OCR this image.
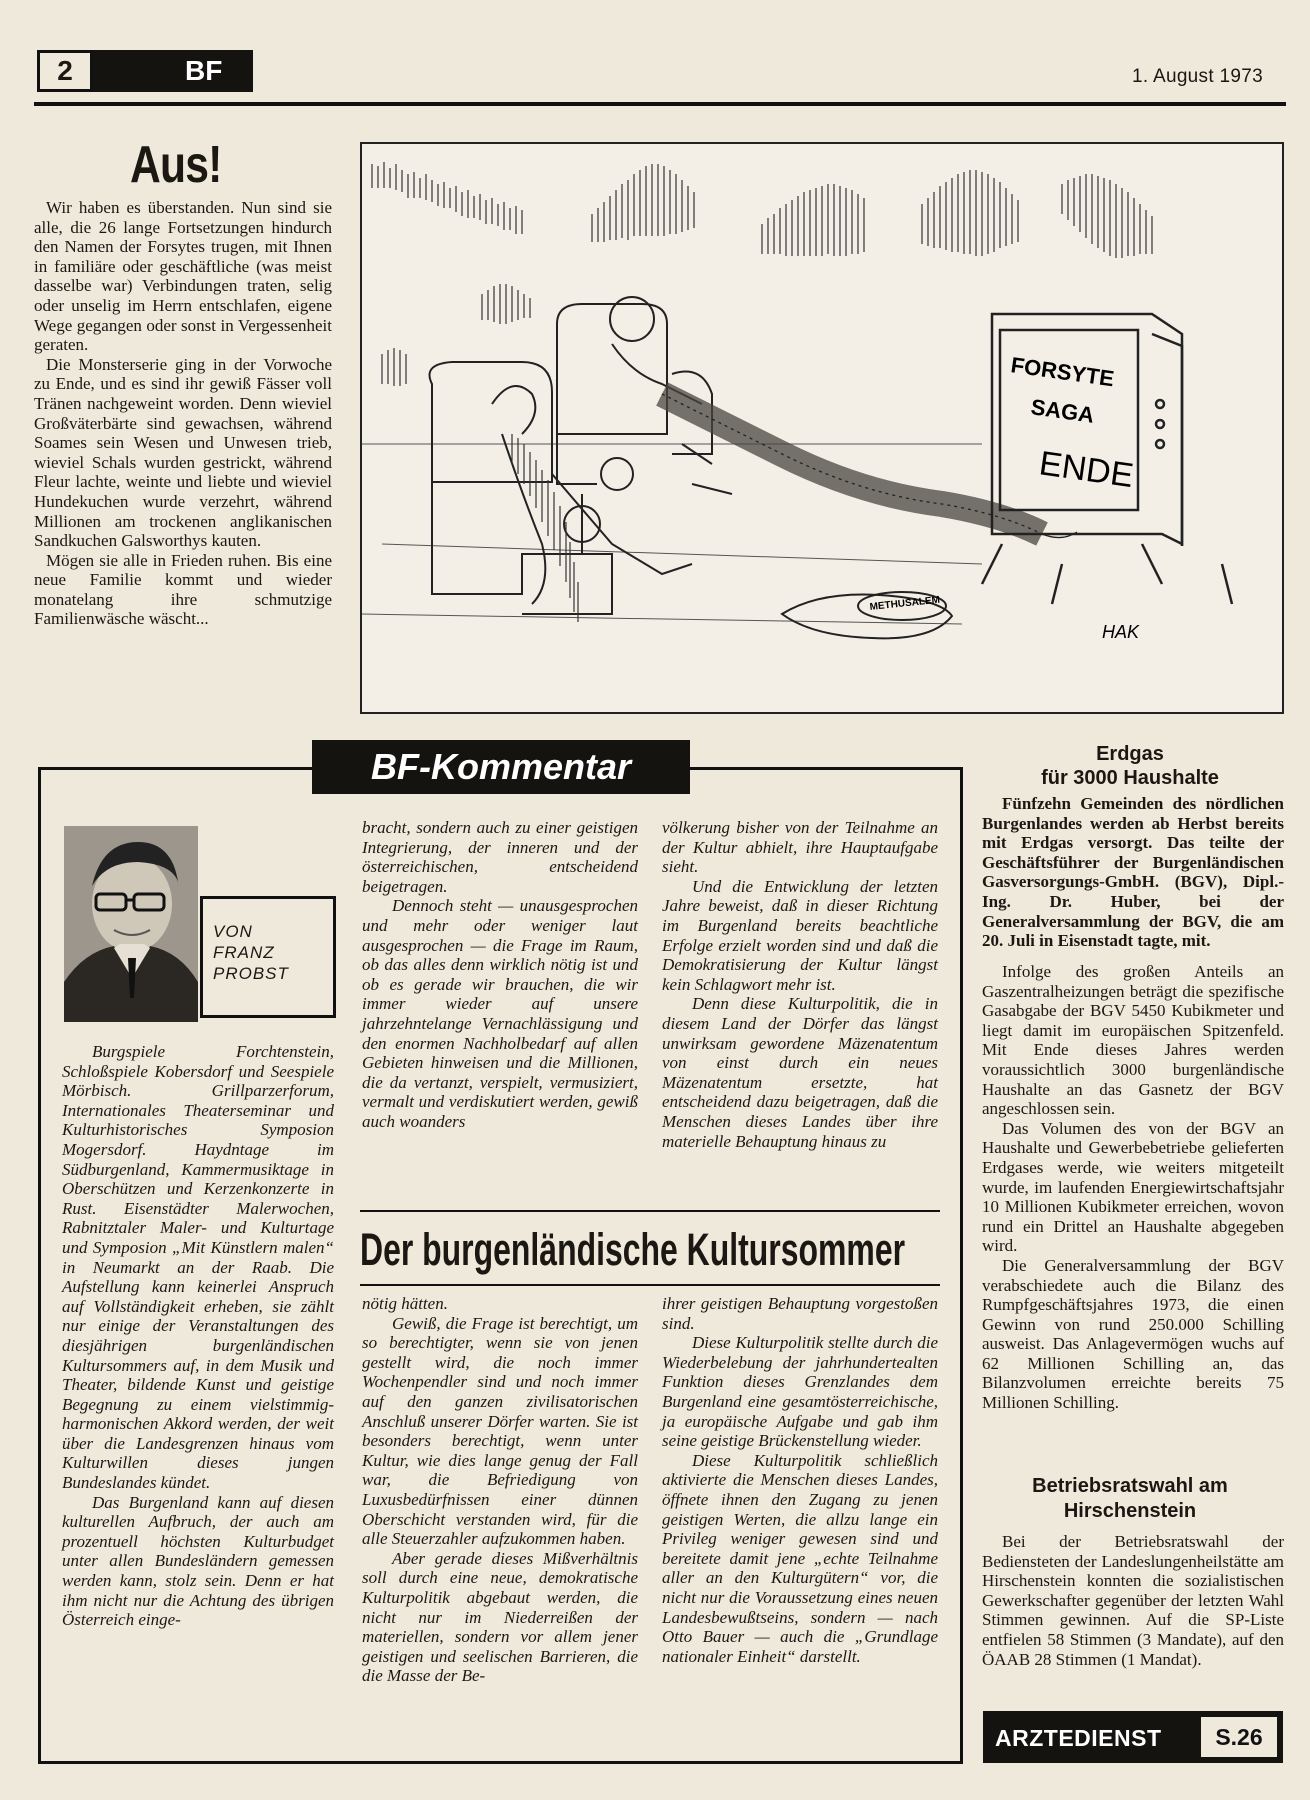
2	BF	1. August 1973
Aus!

Wir haben es überstanden. Nun sind sie alle, die 26 lange Fortsetzungen hindurch den Namen der Forsytes trugen, mit Ihnen in familiäre oder geschäftliche (was meist dasselbe war) Verbindungen traten, selig oder unselig im Herrn entschlafen, eigene Wege gegangen oder sonst in Vergessenheit geraten.

Die Monsterserie ging in der Vorwoche zu Ende, und es sind ihr gewiß Fässer voll Tränen nachgeweint worden. Denn wieviel Großväterbärte sind gewachsen, während Soames sein Wesen und Unwesen trieb, wieviel Schals wurden gestrickt, während Fleur lachte, weinte und liebte und wieviel Hundekuchen wurde verzehrt, während Millionen am trockenen anglikanischen Sandkuchen Galsworthys kauten.

Mögen sie alle in Frieden ruhen. Bis eine neue Familie kommt und wieder monatelang ihre schmutzige Familienwäsche wäscht...

FORSYTE
SAGA
ENDE
METHUSALEM
HAK
BF-Kommentar
VON
FRANZ
PROBST

Burgspiele Forchtenstein, Schloßspiele Kobersdorf und Seespiele Mörbisch. Grillparzerforum, Internationales Theaterseminar und Kulturhistorisches Symposion Mogersdorf. Haydntage im Südburgenland, Kammermusiktage in Oberschützen und Kerzenkonzerte in Rust. Eisenstädter Malerwochen, Rabnitztaler Maler- und Kulturtage und Symposion „Mit Künstlern malen“ in Neumarkt an der Raab. Die Aufstellung kann keinerlei Anspruch auf Vollständigkeit erheben, sie zählt nur einige der Veranstaltungen des diesjährigen burgenländischen Kultursommers auf, in dem Musik und Theater, bildende Kunst und geistige Begegnung zu einem vielstimmig-harmonischen Akkord werden, der weit über die Landesgrenzen hinaus vom Kulturwillen dieses jungen Bundeslandes kündet.

Das Burgenland kann auf diesen kulturellen Aufbruch, der auch am prozentuell höchsten Kulturbudget unter allen Bundesländern gemessen werden kann, stolz sein. Denn er hat ihm nicht nur die Achtung des übrigen Österreich einge-

bracht, sondern auch zu einer geistigen Integrierung, der inneren und der österreichischen, entscheidend beigetragen.

Dennoch steht — unausgesprochen und mehr oder weniger laut ausgesprochen — die Frage im Raum, ob das alles denn wirklich nötig ist und ob es gerade wir brauchen, die wir immer wieder auf unsere jahrzehntelange Vernachlässigung und den enormen Nachholbedarf auf allen Gebieten hinweisen und die Millionen, die da vertanzt, verspielt, vermusiziert, vermalt und verdiskutiert werden, gewiß auch woanders

völkerung bisher von der Teilnahme an der Kultur abhielt, ihre Hauptaufgabe sieht.

Und die Entwicklung der letzten Jahre beweist, daß in dieser Richtung im Burgenland bereits beachtliche Erfolge erzielt worden sind und daß die Demokratisierung der Kultur längst kein Schlagwort mehr ist.

Denn diese Kulturpolitik, die in diesem Land der Dörfer das längst unwirksam gewordene Mäzenatentum von einst durch ein neues Mäzenatentum ersetzte, hat entscheidend dazu beigetragen, daß die Menschen dieses Landes über ihre materielle Behauptung hinaus zu

Der burgenländische Kultursommer

nötig hätten.

Gewiß, die Frage ist berechtigt, um so berechtigter, wenn sie von jenen gestellt wird, die noch immer Wochenpendler sind und noch immer auf den ganzen zivilisatorischen Anschluß unserer Dörfer warten. Sie ist besonders berechtigt, wenn unter Kultur, wie dies lange genug der Fall war, die Befriedigung von Luxusbedürfnissen einer dünnen Oberschicht verstanden wird, für die alle Steuerzahler aufzukommen haben.

Aber gerade dieses Mißverhältnis soll durch eine neue, demokratische Kulturpolitik abgebaut werden, die nicht nur im Niederreißen der materiellen, sondern vor allem jener geistigen und seelischen Barrieren, die die Masse der Be-

ihrer geistigen Behauptung vorgestoßen sind.

Diese Kulturpolitik stellte durch die Wiederbelebung der jahrhundertealten Funktion dieses Grenzlandes dem Burgenland eine gesamtösterreichische, ja europäische Aufgabe und gab ihm seine geistige Brückenstellung wieder.

Diese Kulturpolitik schließlich aktivierte die Menschen dieses Landes, öffnete ihnen den Zugang zu jenen geistigen Werten, die allzu lange ein Privileg weniger gewesen sind und bereitete damit jene „echte Teilnahme aller an den Kulturgütern“ vor, die nicht nur die Voraussetzung eines neuen Landesbewußtseins, sondern — nach Otto Bauer — auch die „Grundlage nationaler Einheit“ darstellt.

Erdgas
für 3000 Haushalte

Fünfzehn Gemeinden des nördlichen Burgenlandes werden ab Herbst bereits mit Erdgas versorgt. Das teilte der Geschäftsführer der Burgenländischen Gasversorgungs-GmbH. (BGV), Dipl.-Ing. Dr. Huber, bei der Generalversammlung der BGV, die am 20. Juli in Eisenstadt tagte, mit.

Infolge des großen Anteils an Gaszentralheizungen beträgt die spezifische Gasabgabe der BGV 5450 Kubikmeter und liegt damit im europäischen Spitzenfeld. Mit Ende dieses Jahres werden voraussichtlich 3000 burgenländische Haushalte an das Gasnetz der BGV angeschlossen sein.

Das Volumen des von der BGV an Haushalte und Gewerbebetriebe gelieferten Erdgases werde, wie weiters mitgeteilt wurde, im laufenden Energiewirtschaftsjahr 10 Millionen Kubikmeter erreichen, wovon rund ein Drittel an Haushalte abgegeben wird.

Die Generalversammlung der BGV verabschiedete auch die Bilanz des Rumpfgeschäftsjahres 1973, die einen Gewinn von rund 250.000 Schilling ausweist. Das Anlagevermögen wuchs auf 62 Millionen Schilling an, das Bilanzvolumen erreichte bereits 75 Millionen Schilling.

Betriebsratswahl am
Hirschenstein

Bei der Betriebsratswahl der Bediensteten der Landeslungenheilstätte am Hirschenstein konnten die sozialistischen Gewerkschafter gegenüber der letzten Wahl Stimmen gewinnen. Auf die SP-Liste entfielen 58 Stimmen (3 Mandate), auf den ÖAAB 28 Stimmen (1 Mandat).

ARZTEDIENST	S.26
